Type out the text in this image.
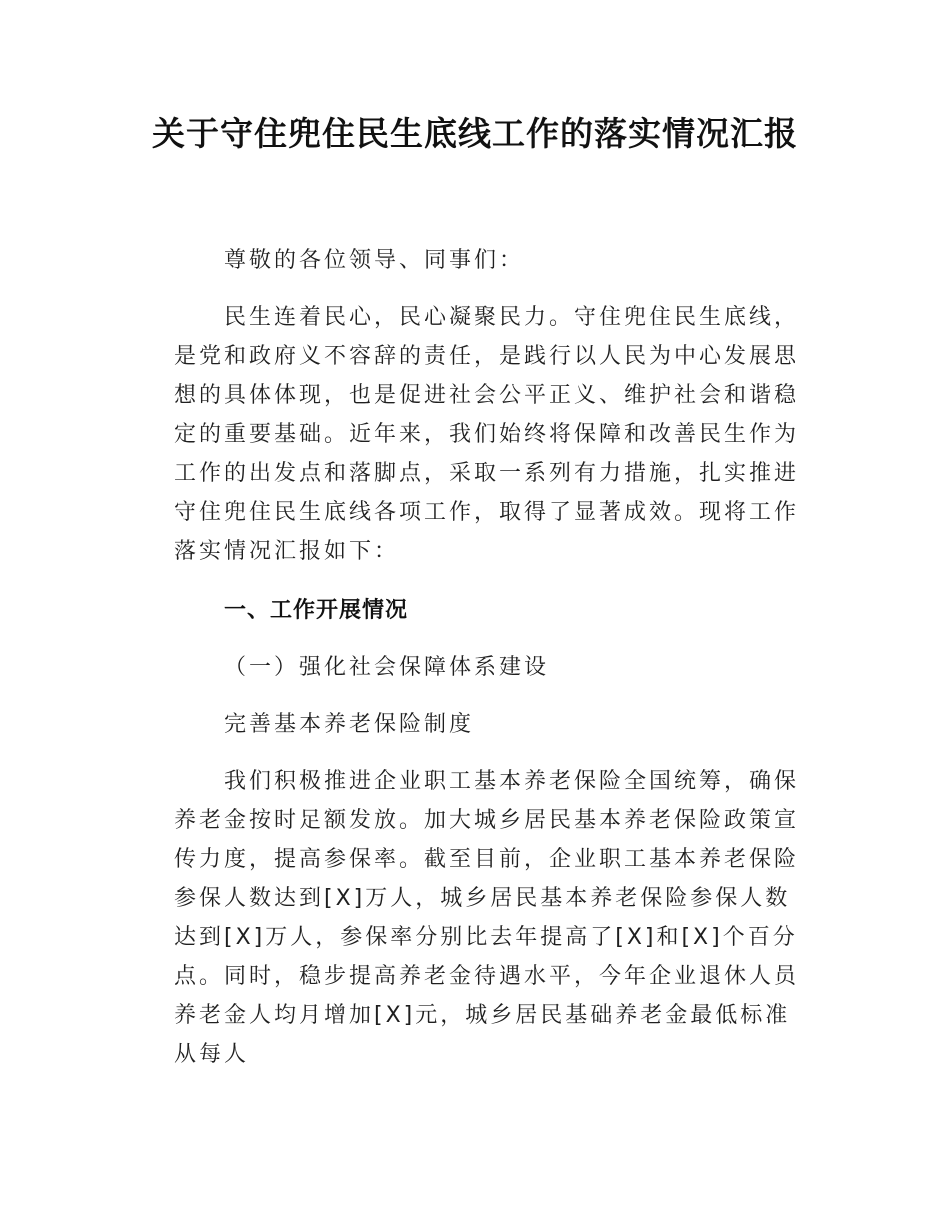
关于守住兜住民生底线工作的落实情况汇报

尊敬的各位领导、同事们：

民生连着民心，民心凝聚民力。守住兜住民生底线，是党和政府义不容辞的责任，是践行以人民为中心发展思想的具体体现，也是促进社会公平正义、维护社会和谐稳定的重要基础。近年来，我们始终将保障和改善民生作为工作的出发点和落脚点，采取一系列有力措施，扎实推进守住兜住民生底线各项工作，取得了显著成效。现将工作落实情况汇报如下：

一、工作开展情况

（一）强化社会保障体系建设

完善基本养老保险制度

我们积极推进企业职工基本养老保险全国统筹，确保养老金按时足额发放。加大城乡居民基本养老保险政策宣传力度，提高参保率。截至目前，企业职工基本养老保险参保人数达到[X]万人，城乡居民基本养老保险参保人数达到[X]万人，参保率分别比去年提高了[X]和[X]个百分点。同时，稳步提高养老金待遇水平，今年企业退休人员养老金人均月增加[X]元，城乡居民基础养老金最低标准从每人
